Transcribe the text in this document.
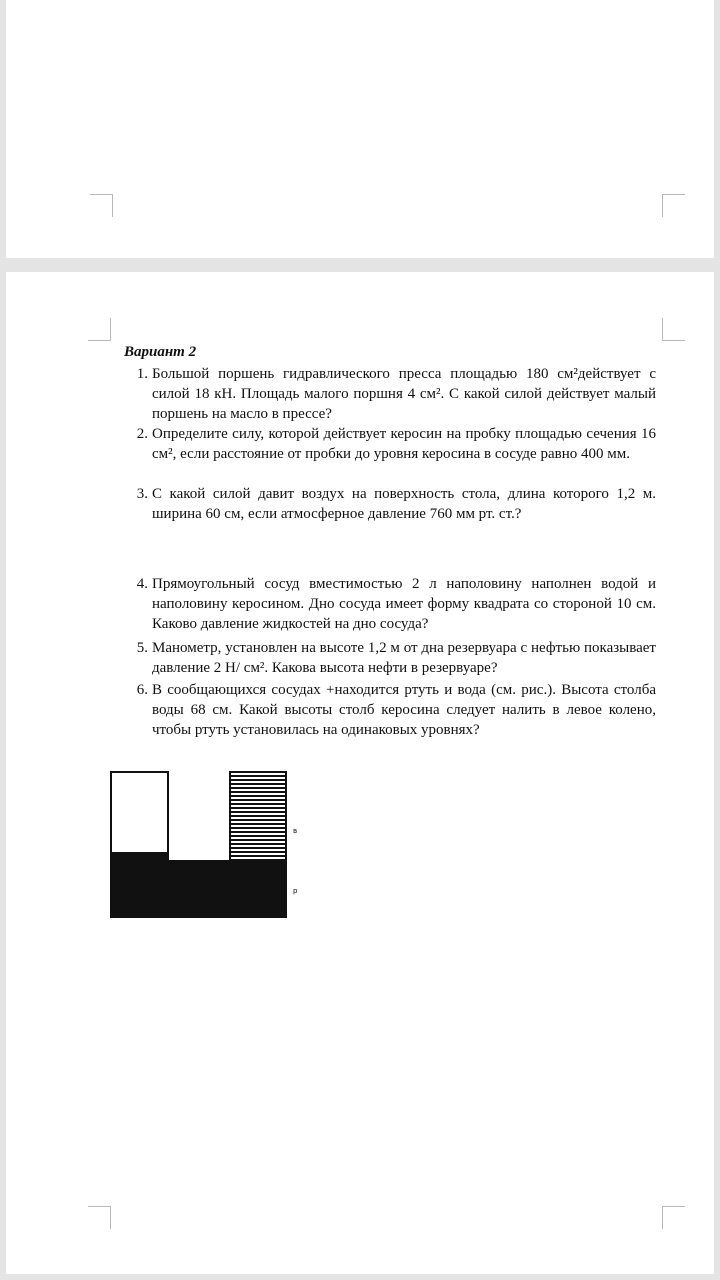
Вариант 2
1. Большой поршень гидравлического пресса площадью 180 см²действует с силой 18 кН. Площадь малого поршня 4 см². С какой силой действует малый поршень на масло в прессе?
2. Определите силу, которой действует керосин на пробку площадью сечения 16 см², если расстояние от пробки до уровня керосина в сосуде равно 400 мм.
3. С какой силой давит воздух на поверхность стола, длина которого 1,2 м. ширина 60 см, если атмосферное давление 760 мм рт. ст.?
4. Прямоугольный сосуд вместимостью 2 л наполовину наполнен водой и наполовину керосином. Дно сосуда имеет форму квадрата со стороной 10 см. Каково давление жидкостей на дно сосуда?
5. Манометр, установлен на высоте 1,2 м от дна резервуара с нефтью показывает давление 2 Н/ см². Какова высота нефти в резервуаре?
6. В сообщающихся сосудах +находится ртуть и вода (см. рис.). Высота столба воды 68 см. Какой высоты столб керосина следует налить в левое колено, чтобы ртуть установилась на одинаковых уровнях?
в
р
